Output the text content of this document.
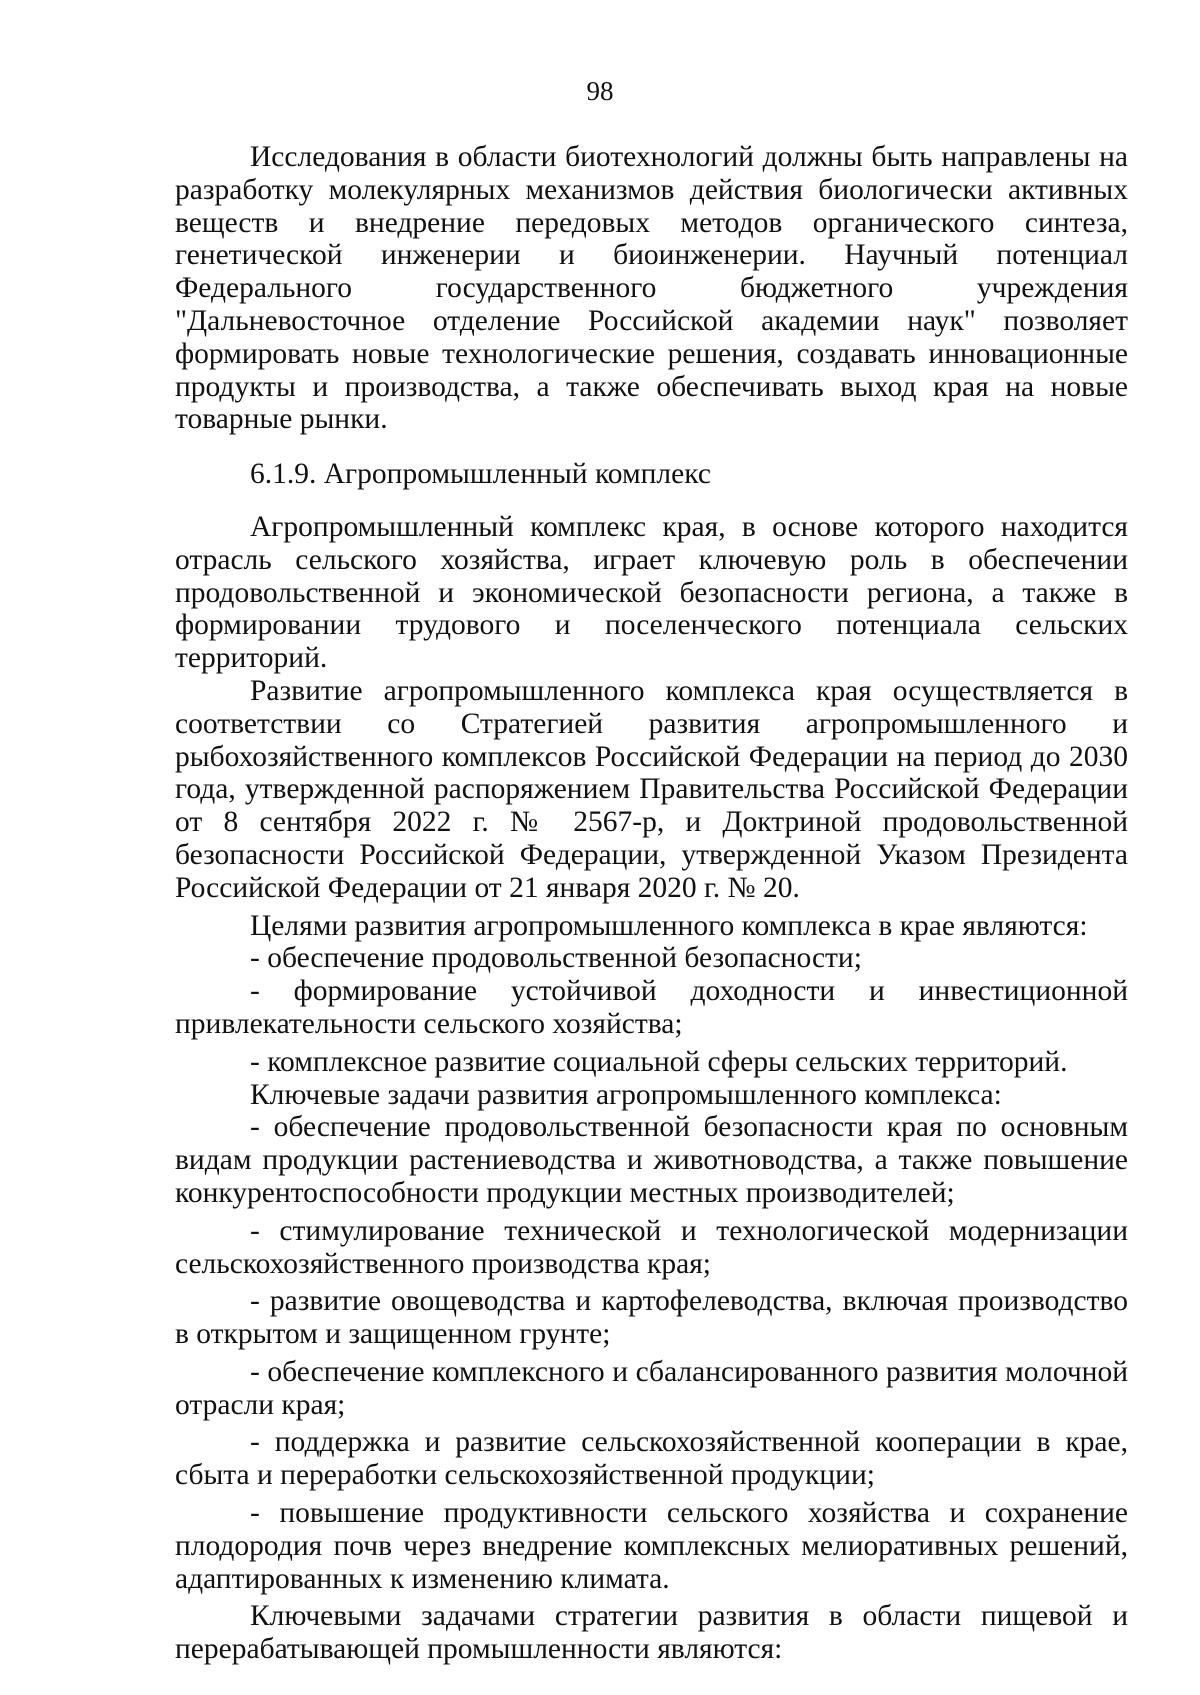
98

Исследования в области биотехнологий должны быть направлены на разработку молекулярных механизмов действия биологически активных веществ и внедрение передовых методов органического синтеза, генетической инженерии и биоинженерии. Научный потенциал Федерального государственного бюджетного учреждения "Дальневосточное отделение Российской академии наук" позволяет формировать новые технологические решения, создавать инновационные продукты и производства, а также обеспечивать выход края на новые товарные рынки.

6.1.9. Агропромышленный комплекс

Агропромышленный комплекс края, в основе которого находится отрасль сельского хозяйства, играет ключевую роль в обеспечении продовольственной и экономической безопасности региона, а также в формировании трудового и поселенческого потенциала сельских территорий.

Развитие агропромышленного комплекса края осуществляется в соответствии со Стратегией развития агропромышленного и рыбохозяйственного комплексов Российской Федерации на период до 2030 года, утвержденной распоряжением Правительства Российской Федерации от 8 сентября 2022 г. № 2567-р, и Доктриной продовольственной безопасности Российской Федерации, утвержденной Указом Президента Российской Федерации от 21 января 2020 г. № 20.

Целями развития агропромышленного комплекса в крае являются:

- обеспечение продовольственной безопасности;

- формирование устойчивой доходности и инвестиционной привлекательности сельского хозяйства;

- комплексное развитие социальной сферы сельских территорий.

Ключевые задачи развития агропромышленного комплекса:

- обеспечение продовольственной безопасности края по основным видам продукции растениеводства и животноводства, а также повышение конкурентоспособности продукции местных производителей;

- стимулирование технической и технологической модернизации сельскохозяйственного производства края;

- развитие овощеводства и картофелеводства, включая производство в открытом и защищенном грунте;

- обеспечение комплексного и сбалансированного развития молочной отрасли края;

- поддержка и развитие сельскохозяйственной кооперации в крае, сбыта и переработки сельскохозяйственной продукции;

- повышение продуктивности сельского хозяйства и сохранение плодородия почв через внедрение комплексных мелиоративных решений, адаптированных к изменению климата.

Ключевыми задачами стратегии развития в области пищевой и перерабатывающей промышленности являются:
